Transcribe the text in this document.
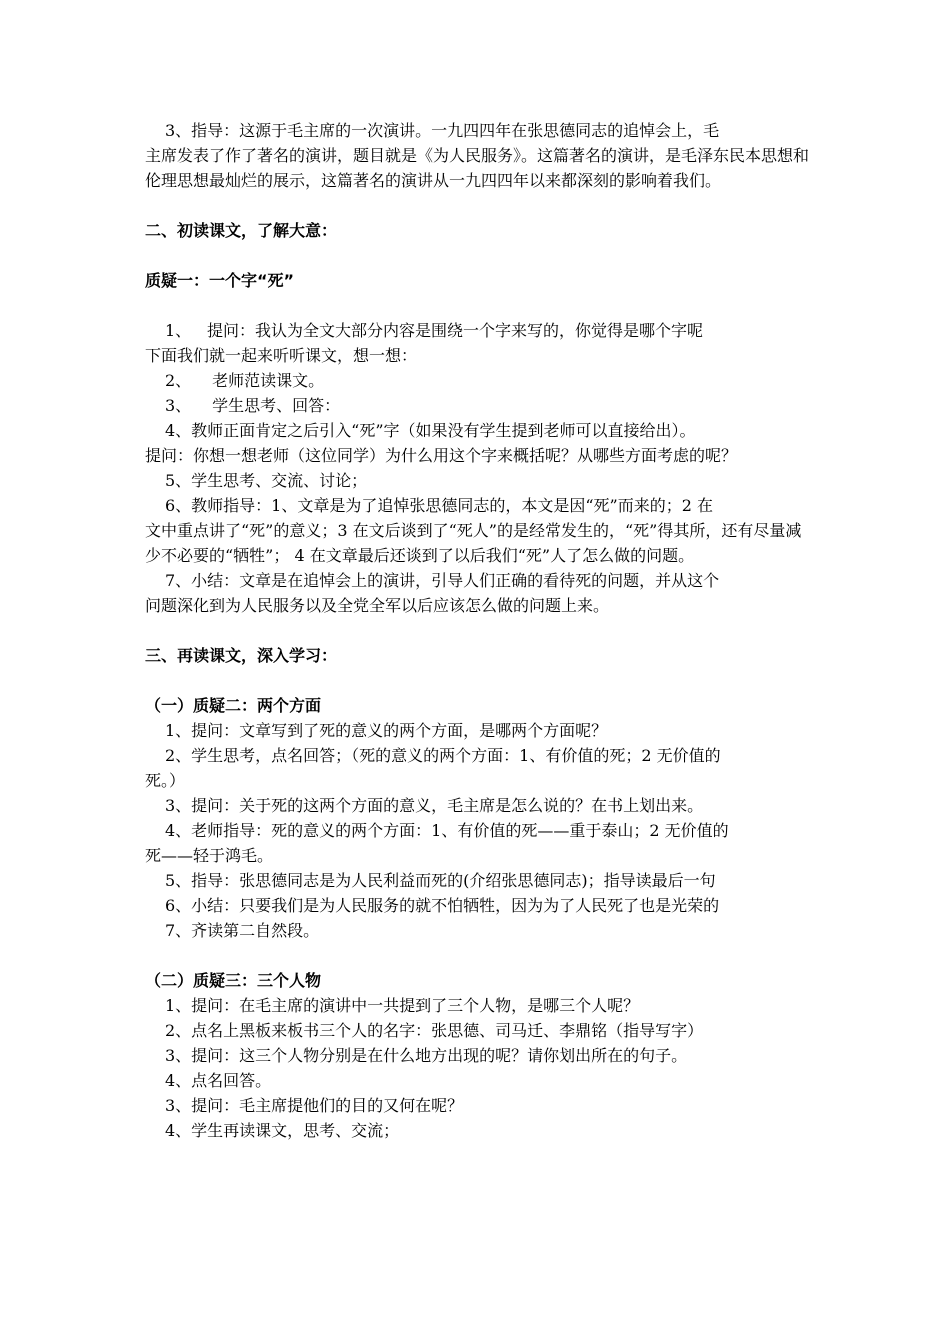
3、指导：这源于毛主席的一次演讲。一九四四年在张思德同志的追悼会上，毛
主席发表了作了著名的演讲，题目就是《为人民服务》。这篇著名的演讲，是毛泽东民本思想和伦理思想最灿烂的展示，这篇著名的演讲从一九四四年以来都深刻的影响着我们。

二、初读课文，了解大意：

质疑一：一个字“死”

1、 提问：我认为全文大部分内容是围绕一个字来写的，你觉得是哪个字呢
下面我们就一起来听听课文，想一想：

2、 老师范读课文。

3、 学生思考、回答：

4、教师正面肯定之后引入“死”字（如果没有学生提到老师可以直接给出）。
提问：你想一想老师（这位同学）为什么用这个字来概括呢？从哪些方面考虑的呢？

5、学生思考、交流、讨论；

6、教师指导：1、文章是为了追悼张思德同志的，本文是因“死”而来的；2 在
文中重点讲了“死”的意义；3 在文后谈到了“死人”的是经常发生的，“死”得其所，还有尽量减少不必要的“牺牲”； 4 在文章最后还谈到了以后我们“死”人了怎么做的问题。

7、小结：文章是在追悼会上的演讲，引导人们正确的看待死的问题，并从这个
问题深化到为人民服务以及全党全军以后应该怎么做的问题上来。

三、再读课文，深入学习：

（一）质疑二：两个方面

1、提问：文章写到了死的意义的两个方面，是哪两个方面呢？

2、学生思考，点名回答；（死的意义的两个方面：1、有价值的死；2 无价值的
死。）

3、提问：关于死的这两个方面的意义，毛主席是怎么说的？在书上划出来。

4、老师指导：死的意义的两个方面：1、有价值的死——重于泰山；2 无价值的
死——轻于鸿毛。

5、指导：张思德同志是为人民利益而死的(介绍张思德同志)；指导读最后一句

6、小结：只要我们是为人民服务的就不怕牺牲，因为为了人民死了也是光荣的

7、齐读第二自然段。

（二）质疑三：三个人物

1、提问：在毛主席的演讲中一共提到了三个人物，是哪三个人呢？

2、点名上黑板来板书三个人的名字：张思德、司马迁、李鼎铭（指导写字）

3、提问：这三个人物分别是在什么地方出现的呢？请你划出所在的句子。

4、点名回答。

3、提问：毛主席提他们的目的又何在呢？

4、学生再读课文，思考、交流；
